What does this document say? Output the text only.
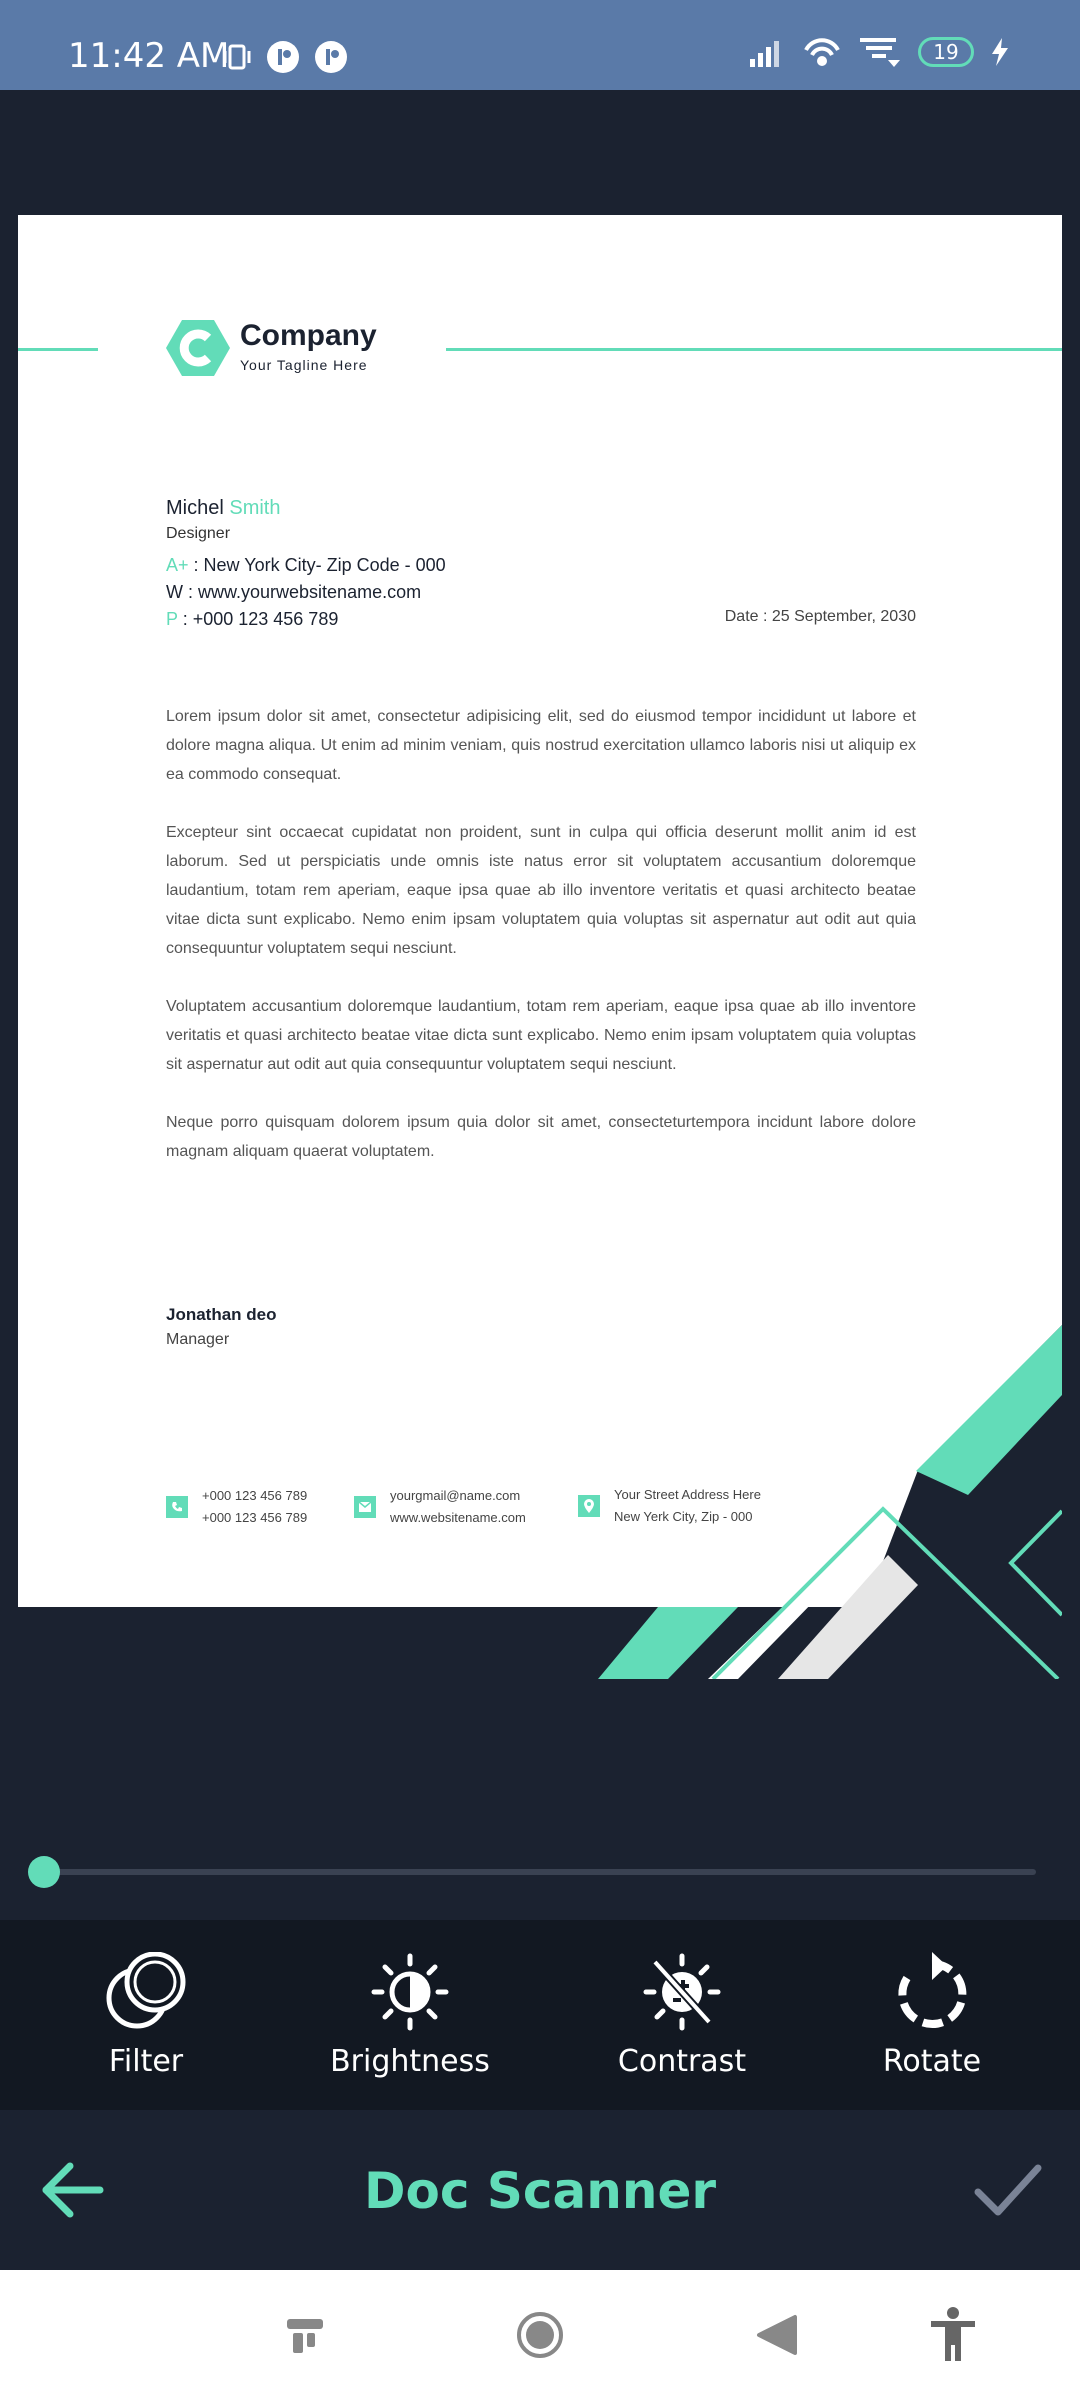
11:42 AM	19
Company
Your Tagline Here
Michel Smith
Designer
A+ : New York City- Zip Code - 000
W : www.yourwebsitename.com
P : +000 123 456 789	Date : 25 September, 2030
Lorem ipsum dolor sit amet, consectetur adipisicing elit, sed do eiusmod tempor incididunt ut labore et dolore magna aliqua. Ut enim ad minim veniam, quis nostrud exercitation ullamco laboris nisi ut aliquip ex ea commodo consequat.
Excepteur sint occaecat cupidatat non proident, sunt in culpa qui officia deserunt mollit anim id est laborum. Sed ut perspiciatis unde omnis iste natus error sit voluptatem accusantium doloremque laudantium, totam rem aperiam, eaque ipsa quae ab illo inventore veritatis et quasi architecto beatae vitae dicta sunt explicabo. Nemo enim ipsam voluptatem quia voluptas sit aspernatur aut odit aut quia consequuntur voluptatem sequi nesciunt.
Voluptatem accusantium doloremque laudantium, totam rem aperiam, eaque ipsa quae ab illo inventore veritatis et quasi architecto beatae vitae dicta sunt explicabo. Nemo enim ipsam voluptatem quia voluptas sit aspernatur aut odit aut quia consequuntur voluptatem sequi nesciunt.
Neque porro quisquam dolorem ipsum quia dolor sit amet, consecteturtempora incidunt labore dolore magnam aliquam quaerat voluptatem.
Jonathan deo
Manager
+000 123 456 789
+000 123 456 789
yourgmail@name.com
www.websitename.com
Your Street Address Here
New Yerk City, Zip - 000
Filter	Brightness	Contrast	Rotate
Doc Scanner
